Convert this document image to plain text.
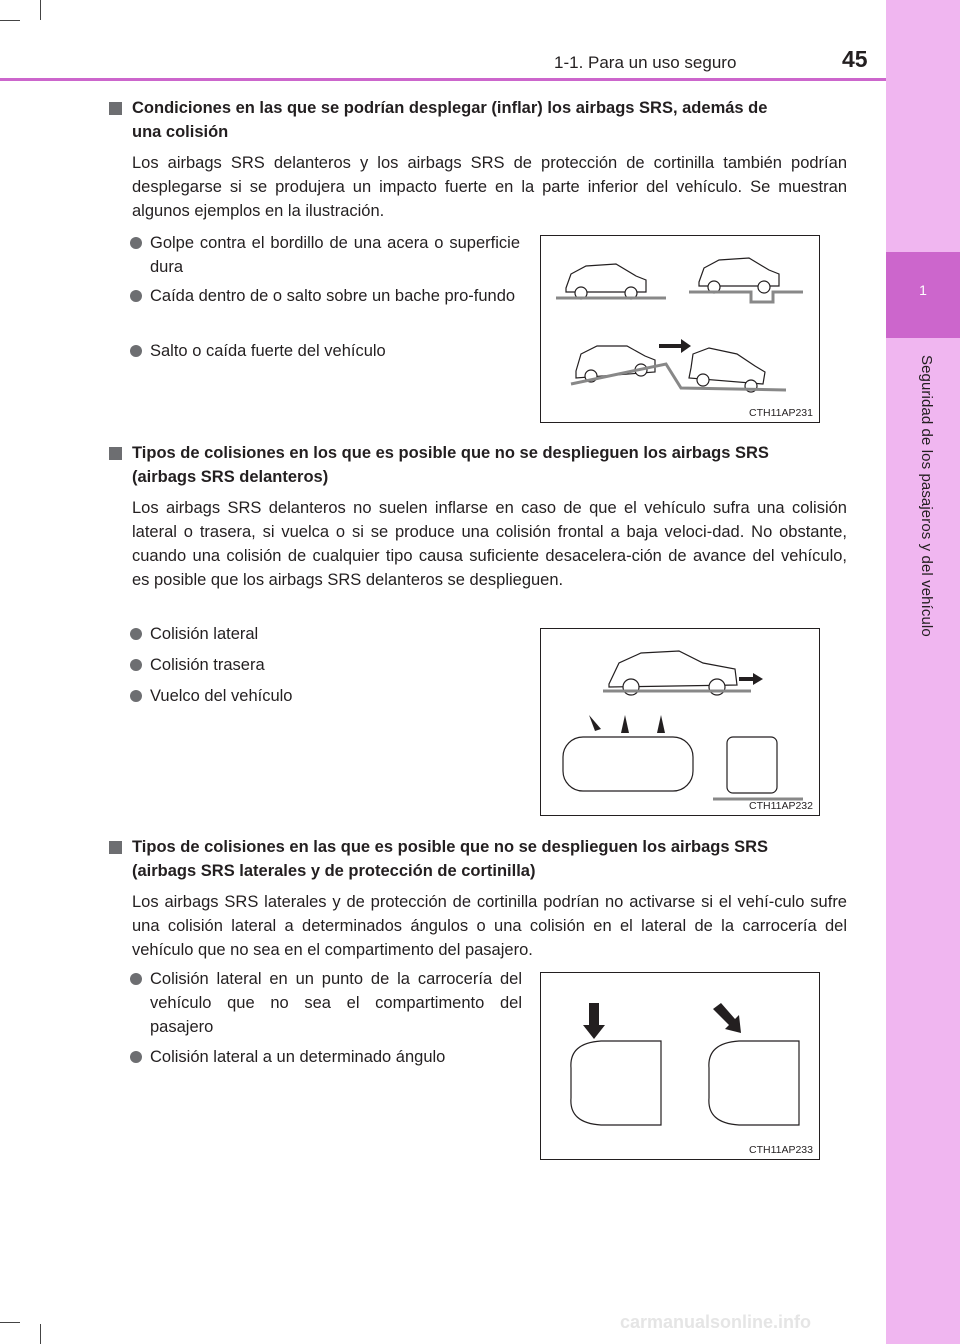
1
Seguridad de los pasajeros y del vehículo
1-1. Para un uso seguro	45
Condiciones en las que se podrían desplegar (inflar) los airbags SRS, además de
una colisión
Los airbags SRS delanteros y los airbags SRS de protección de cortinilla también podrían desplegarse si se produjera un impacto fuerte en la parte inferior del vehículo. Se muestran algunos ejemplos en la ilustración.
Golpe contra el bordillo de una acera o superficie dura
Caída dentro de o salto sobre un bache pro-fundo
Salto o caída fuerte del vehículo
CTH11AP231
Tipos de colisiones en los que es posible que no se desplieguen los airbags SRS
(airbags SRS delanteros)
Los airbags SRS delanteros no suelen inflarse en caso de que el vehículo sufra una colisión lateral o trasera, si vuelca o si se produce una colisión frontal a baja veloci-dad. No obstante, cuando una colisión de cualquier tipo causa suficiente desacelera-ción de avance del vehículo, es posible que los airbags SRS delanteros se desplieguen.
Colisión lateral
Colisión trasera
Vuelco del vehículo
CTH11AP232
Tipos de colisiones en las que es posible que no se desplieguen los airbags SRS
(airbags SRS laterales y de protección de cortinilla)
Los airbags SRS laterales y de protección de cortinilla podrían no activarse si el vehí-culo sufre una colisión lateral a determinados ángulos o una colisión en el lateral de la carrocería del vehículo que no sea en el compartimento del pasajero.
Colisión lateral en un punto de la carrocería del vehículo que no sea el compartimento del pasajero
Colisión lateral a un determinado ángulo
CTH11AP233
carmanualsonline.info
